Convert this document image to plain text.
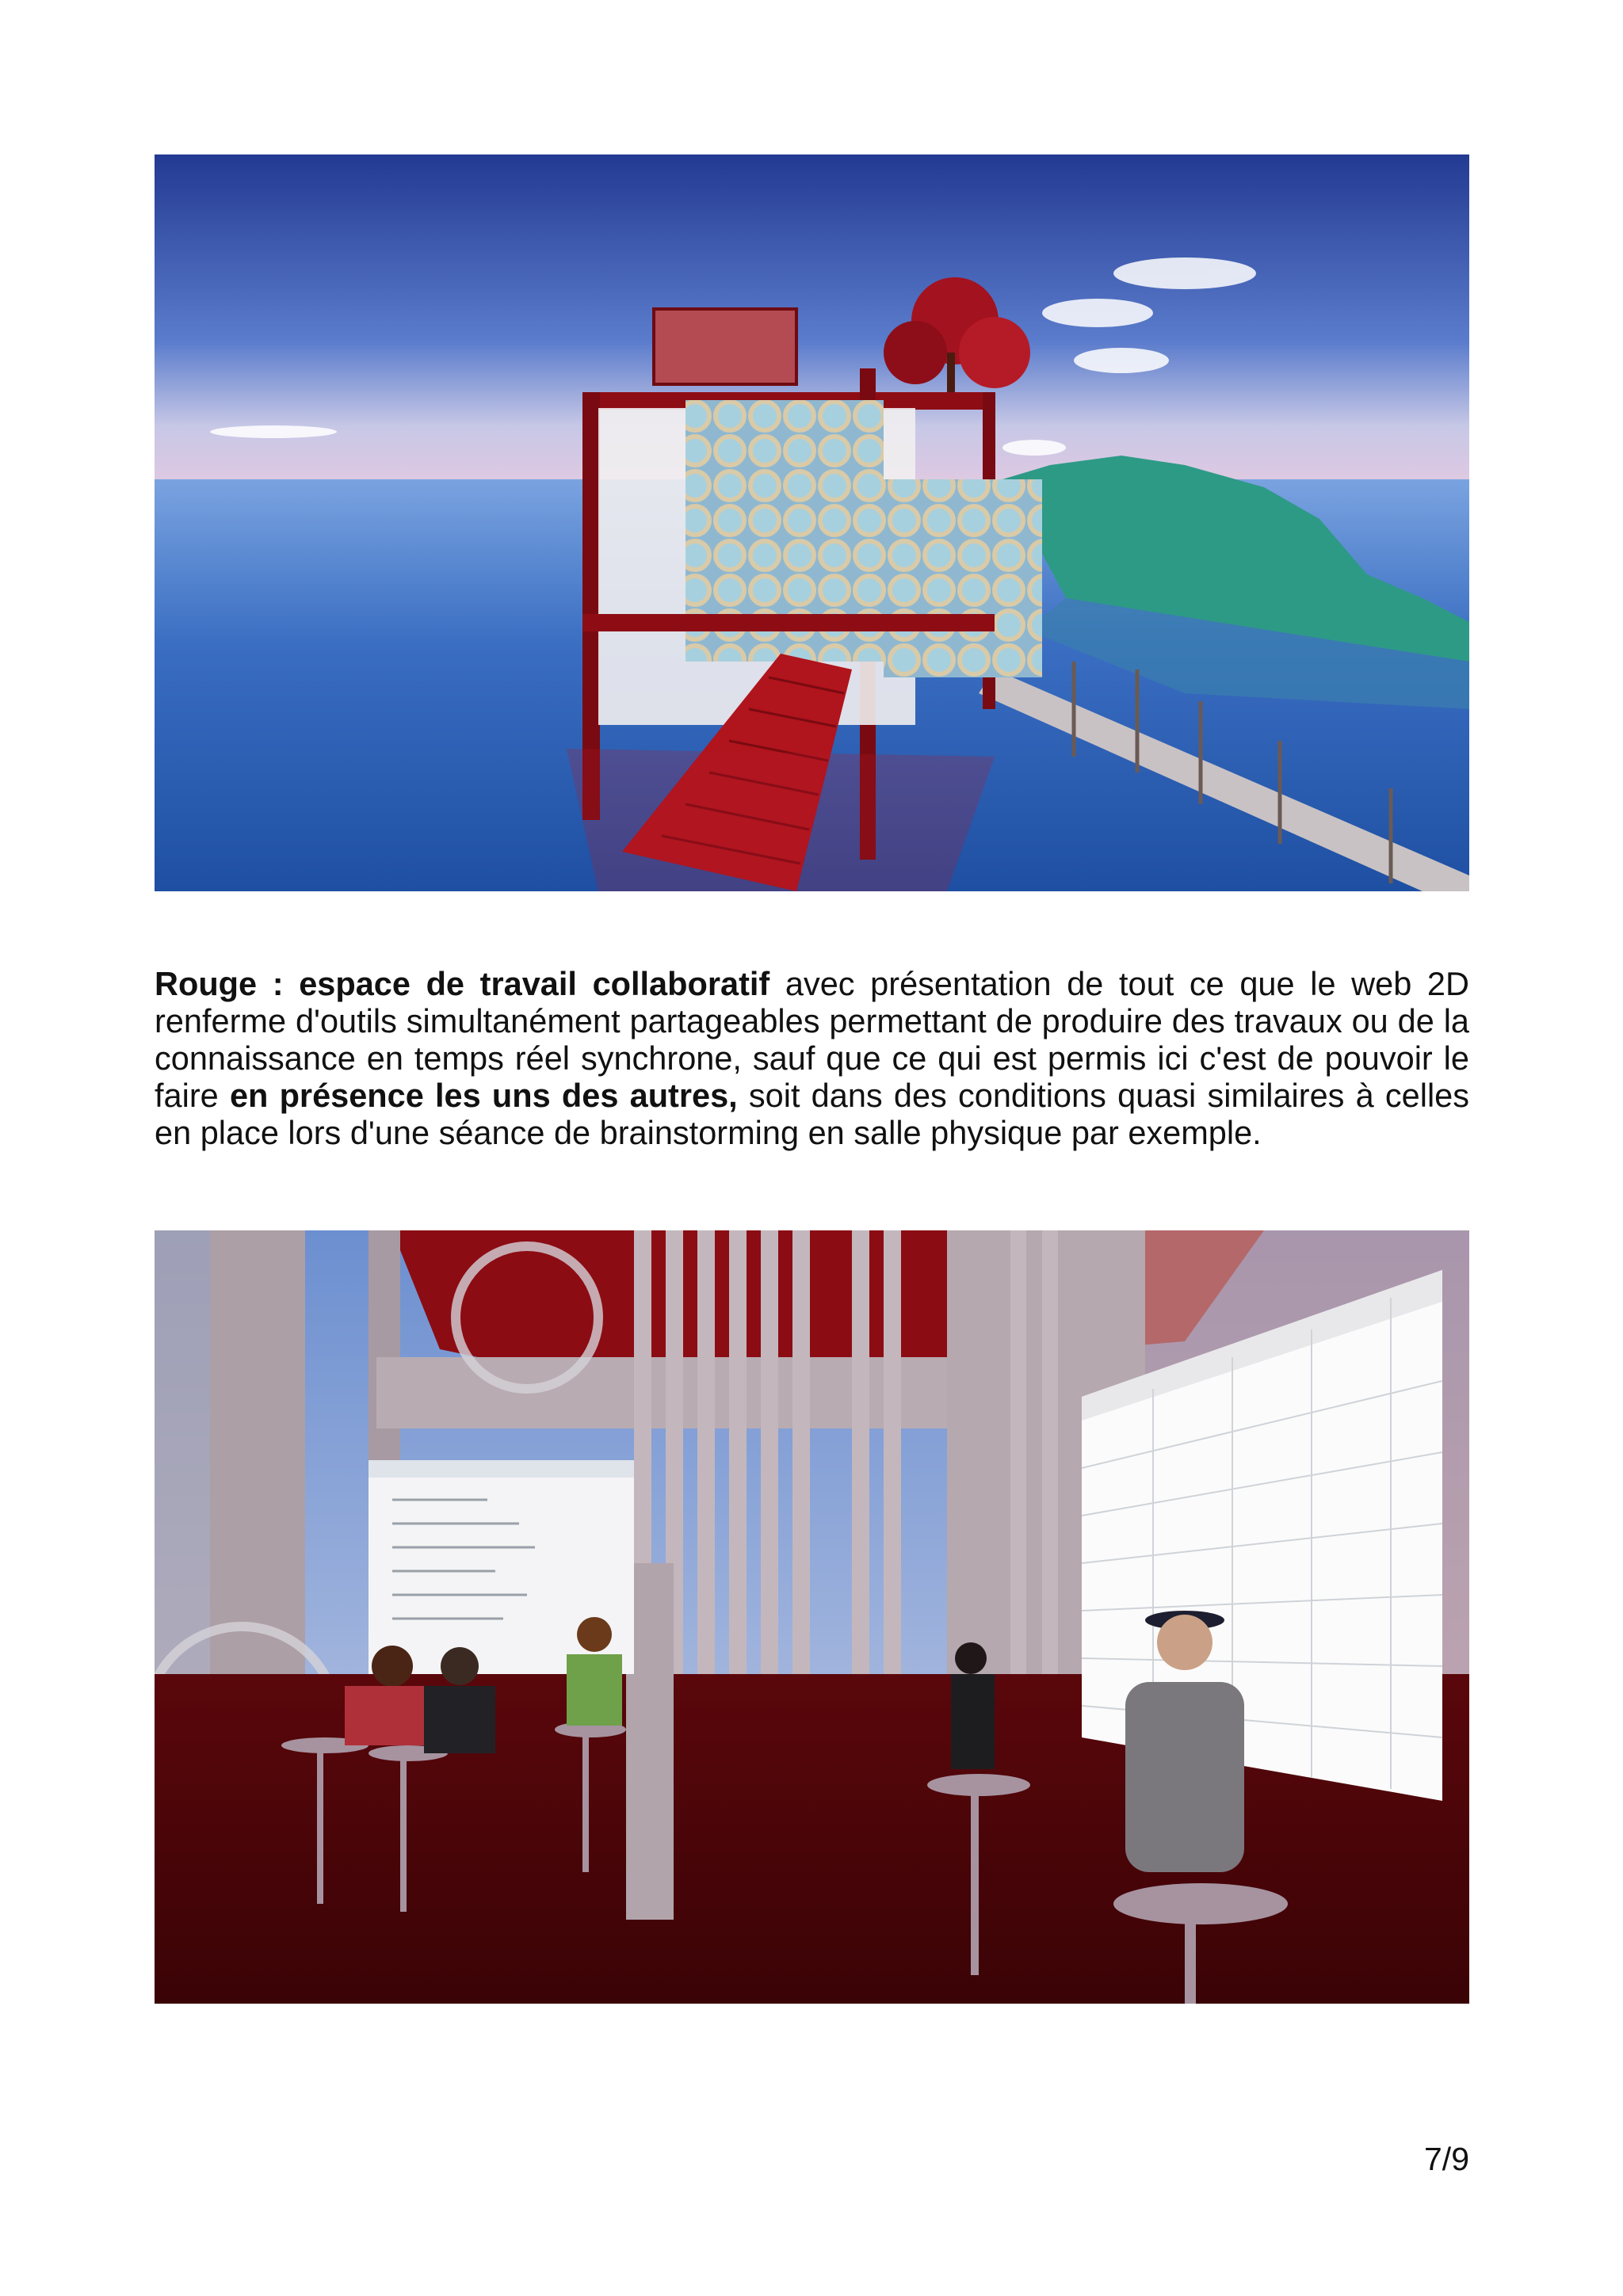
Rouge : espace de travail collaboratif avec présentation de tout ce que le web 2D renferme d'outils simultanément partageables permettant de produire des travaux ou de la connaissance en temps réel synchrone, sauf que ce qui est permis ici c'est de pouvoir le faire en présence les uns des autres, soit dans des conditions quasi similaires à celles en place lors d'une séance de brainstorming en salle physique par exemple.

7/9
